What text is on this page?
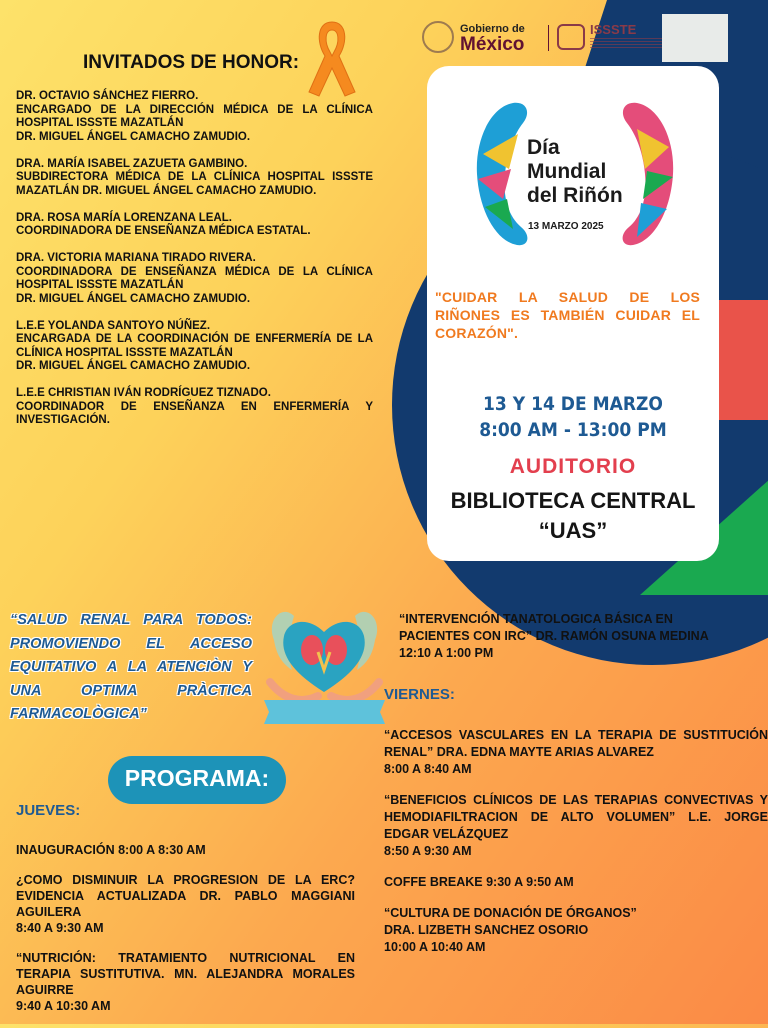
INVITADOS DE HONOR:
DR. OCTAVIO SÁNCHEZ FIERRO.
ENCARGADO DE LA DIRECCIÓN MÉDICA DE LA CLÍNICA HOSPITAL ISSSTE MAZATLÁN
DR. MIGUEL ÁNGEL CAMACHO ZAMUDIO.
DRA. MARÍA ISABEL ZAZUETA GAMBINO.
SUBDIRECTORA MÉDICA DE LA CLÍNICA HOSPITAL ISSSTE MAZATLÁN DR. MIGUEL ÁNGEL CAMACHO ZAMUDIO.
DRA. ROSA MARÍA LORENZANA LEAL.
COORDINADORA DE ENSEÑANZA MÉDICA ESTATAL.
DRA. VICTORIA MARIANA TIRADO RIVERA.
COORDINADORA DE ENSEÑANZA MÉDICA DE LA CLÍNICA HOSPITAL ISSSTE MAZATLÁN
DR. MIGUEL ÁNGEL CAMACHO ZAMUDIO.
L.E.E YOLANDA SANTOYO NÚÑEZ.
ENCARGADA DE LA COORDINACIÓN DE ENFERMERÍA DE LA CLÍNICA HOSPITAL ISSSTE MAZATLÁN
DR. MIGUEL ÁNGEL CAMACHO ZAMUDIO.
L.E.E CHRISTIAN IVÁN RODRÍGUEZ TIZNADO.
COORDINADOR DE ENSEÑANZA EN ENFERMERÍA Y INVESTIGACIÓN.
Gobierno de
México
ISSSTE
Día
Mundial
del Riñón
13 MARZO 2025
"CUIDAR LA SALUD DE LOS RIÑONES ES TAMBIÉN CUIDAR EL CORAZÓN".
13 Y 14 DE MARZO
8:00 AM - 13:00 PM
AUDITORIO
BIBLIOTECA CENTRAL
“UAS”
“SALUD RENAL PARA TODOS: PROMOVIENDO EL ACCESO EQUITATIVO A LA ATENCIÒN Y UNA OPTIMA PRÀCTICA FARMACOLÒGICA”
PROGRAMA:
JUEVES:
INAUGURACIÓN 8:00 A 8:30 AM
¿COMO DISMINUIR LA PROGRESION DE LA ERC? EVIDENCIA ACTUALIZADA DR. PABLO MAGGIANI AGUILERA
8:40 A 9:30 AM
“NUTRICIÓN: TRATAMIENTO NUTRICIONAL EN TERAPIA SUSTITUTIVA. MN. ALEJANDRA MORALES AGUIRRE
9:40 A 10:30 AM
“INTERVENCIÓN TANATOLOGICA BÁSICA EN PACIENTES CON IRC” DR. RAMÓN OSUNA MEDINA
12:10 A 1:00 PM
VIERNES:
“ACCESOS VASCULARES EN LA TERAPIA DE SUSTITUCIÓN RENAL” DRA. EDNA MAYTE ARIAS ALVAREZ
8:00 A 8:40 AM
“BENEFICIOS CLÍNICOS DE LAS TERAPIAS CONVECTIVAS Y HEMODIAFILTRACION DE ALTO VOLUMEN” L.E. JORGE EDGAR VELÁZQUEZ
8:50 A 9:30 AM
COFFE BREAKE 9:30 A 9:50 AM
“CULTURA DE DONACIÓN DE ÓRGANOS”
DRA. LIZBETH SANCHEZ OSORIO
10:00 A 10:40 AM
